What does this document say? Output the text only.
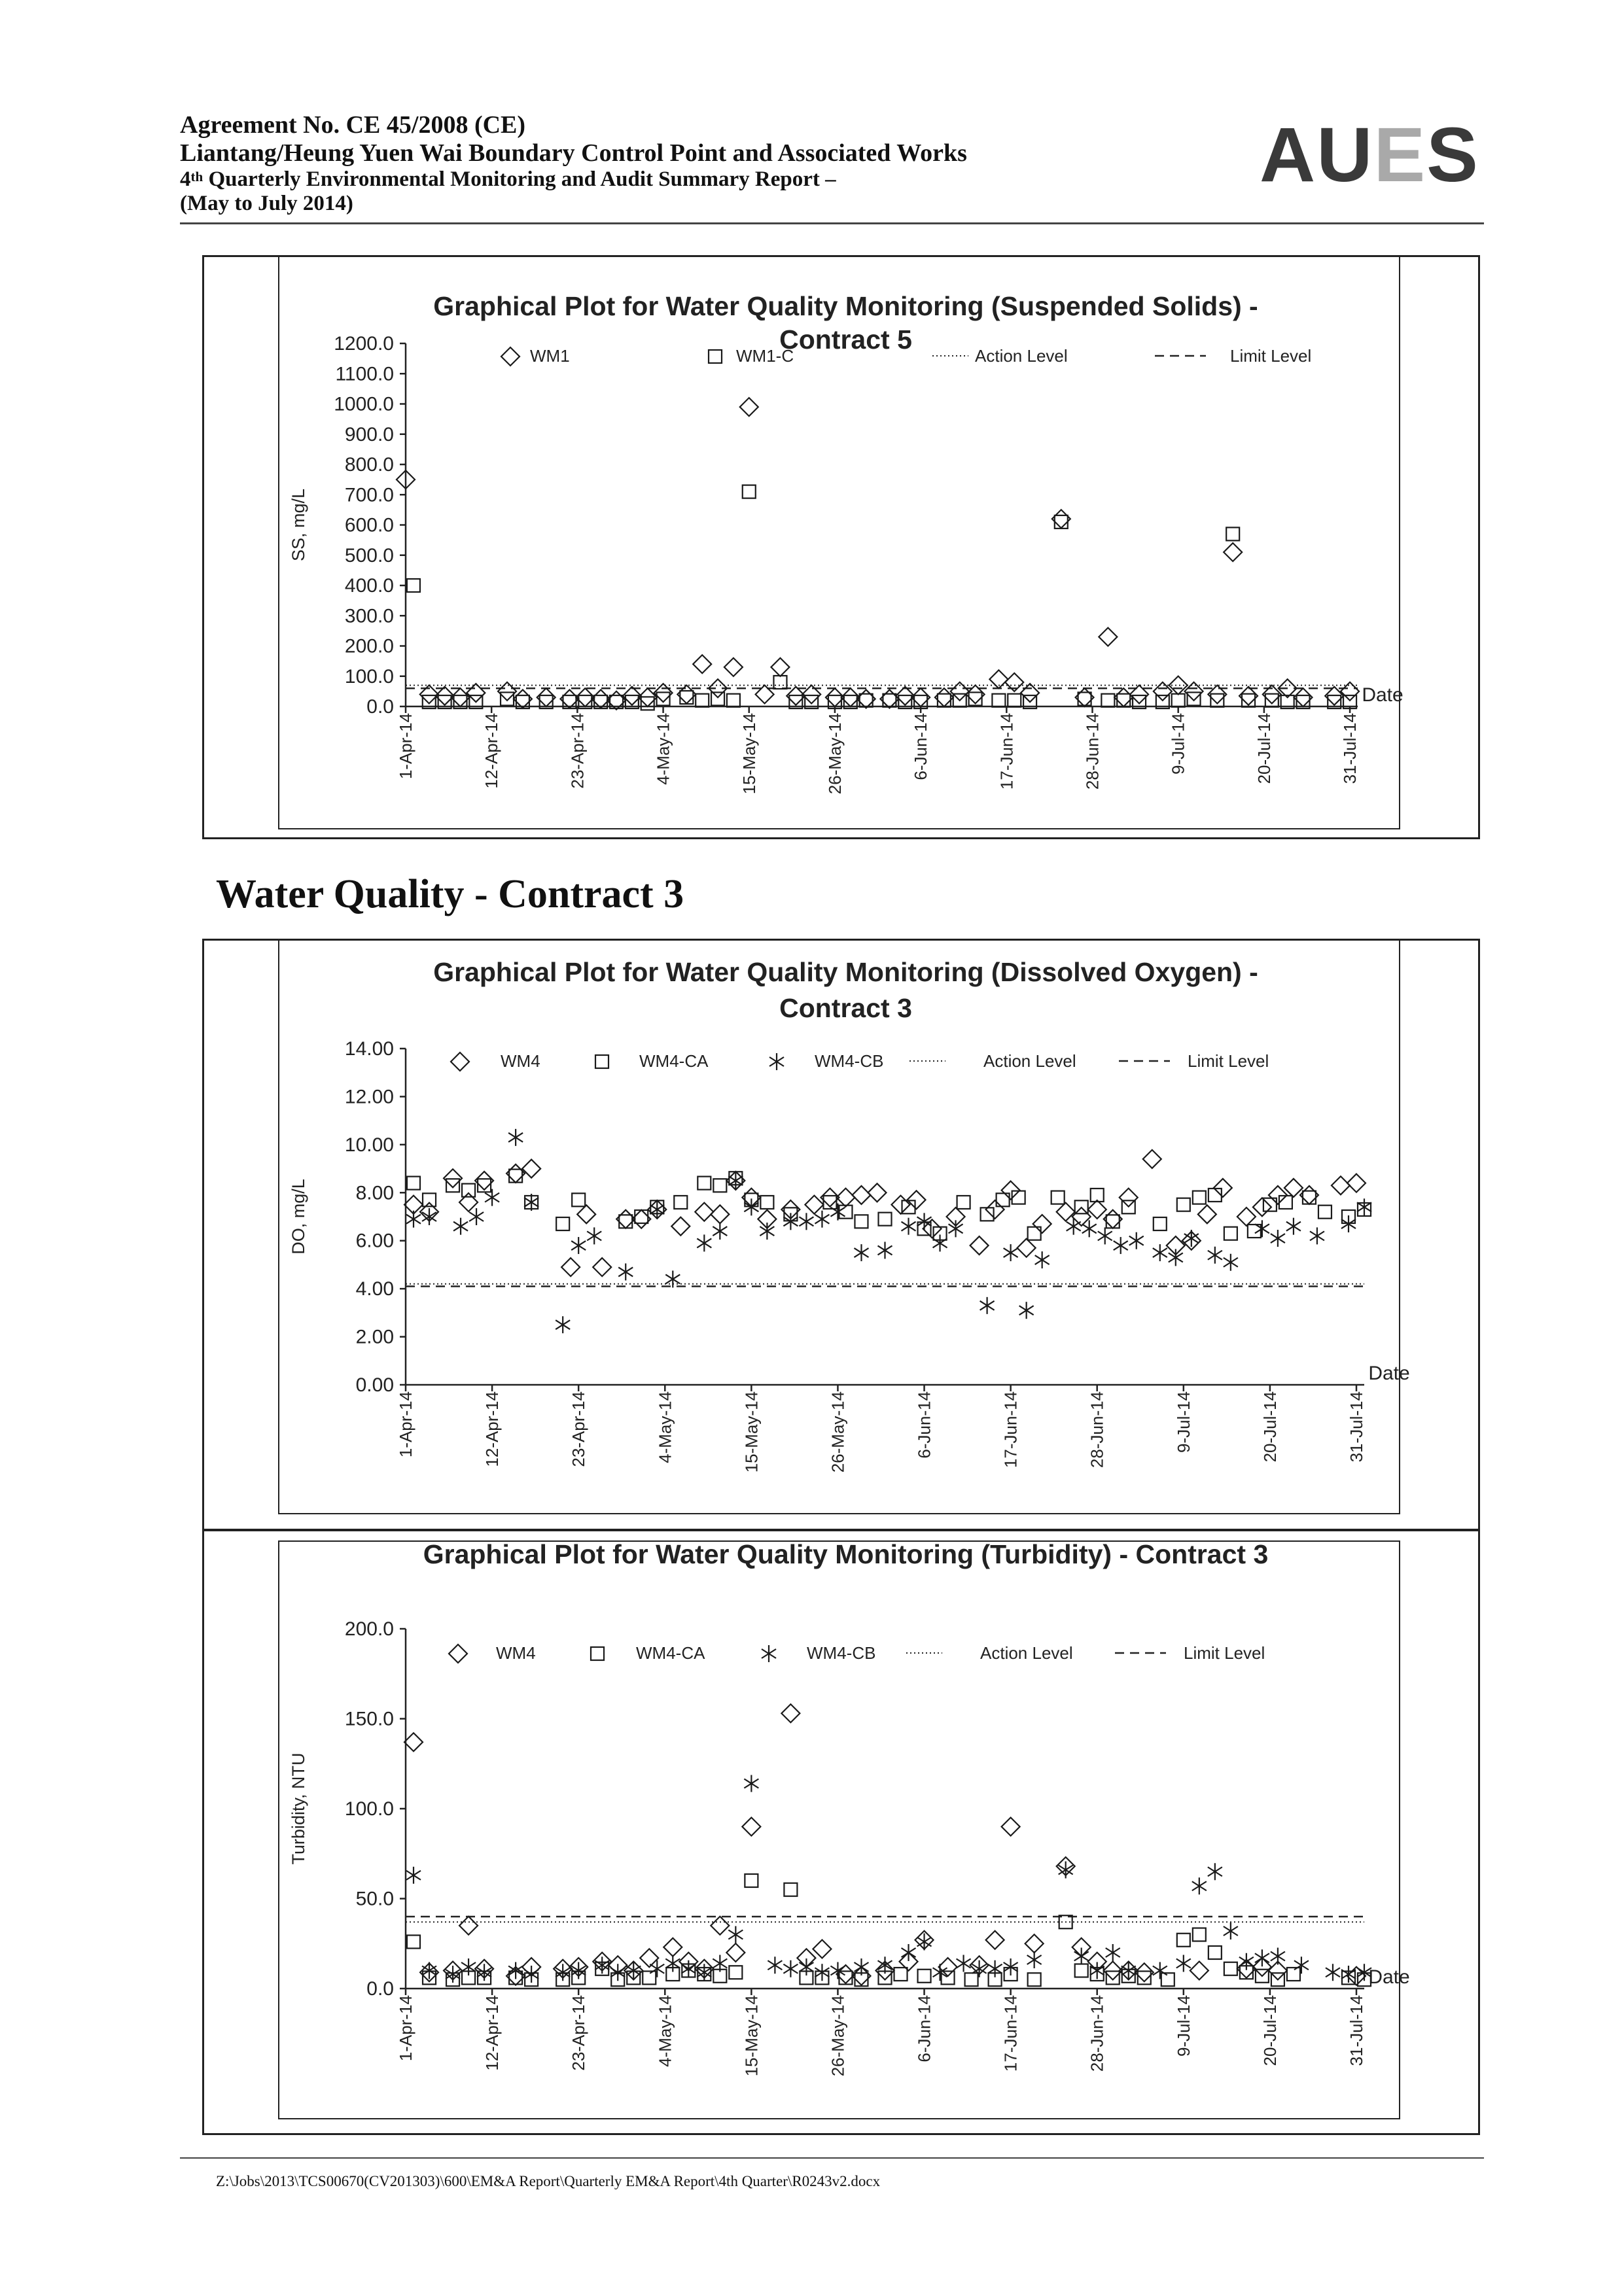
Agreement No. CE 45/2008 (CE)
Liantang/Heung Yuen Wai Boundary Control Point and Associated Works
4th Quarterly Environmental Monitoring and Audit Summary Report –
(May to July 2014)
AUES
Water Quality - Contract 3
Graphical Plot for Water Quality Monitoring (Suspended Solids) -
Contract 5
0.0
100.0
200.0
300.0
400.0
500.0
600.0
700.0
800.0
900.0
1000.0
1100.0
1200.0
SS, mg/L
1-Apr-14	12-Apr-14	23-Apr-14	4-May-14	15-May-14	26-May-14	6-Jun-14	17-Jun-14	28-Jun-14	9-Jul-14	20-Jul-14	31-Jul-14
Date
WM1	WM1-C	Action Level	Limit Level
Graphical Plot for Water Quality Monitoring (Dissolved Oxygen) -
Contract 3
0.00
2.00
4.00
6.00
8.00
10.00
12.00
14.00
DO, mg/L
1-Apr-14	12-Apr-14	23-Apr-14	4-May-14	15-May-14	26-May-14	6-Jun-14	17-Jun-14	28-Jun-14	9-Jul-14	20-Jul-14	31-Jul-14
Date
WM4	WM4-CA	WM4-CB	Action Level	Limit Level
Graphical Plot for Water Quality Monitoring (Turbidity) - Contract 3
0.0
50.0
100.0
150.0
200.0
Turbidity, NTU
1-Apr-14	12-Apr-14	23-Apr-14	4-May-14	15-May-14	26-May-14	6-Jun-14	17-Jun-14	28-Jun-14	9-Jul-14	20-Jul-14	31-Jul-14
Date
WM4	WM4-CA	WM4-CB	Action Level	Limit Level
Z:\Jobs\2013\TCS00670(CV201303)\600\EM&A Report\Quarterly EM&A Report\4th Quarter\R0243v2.docx
